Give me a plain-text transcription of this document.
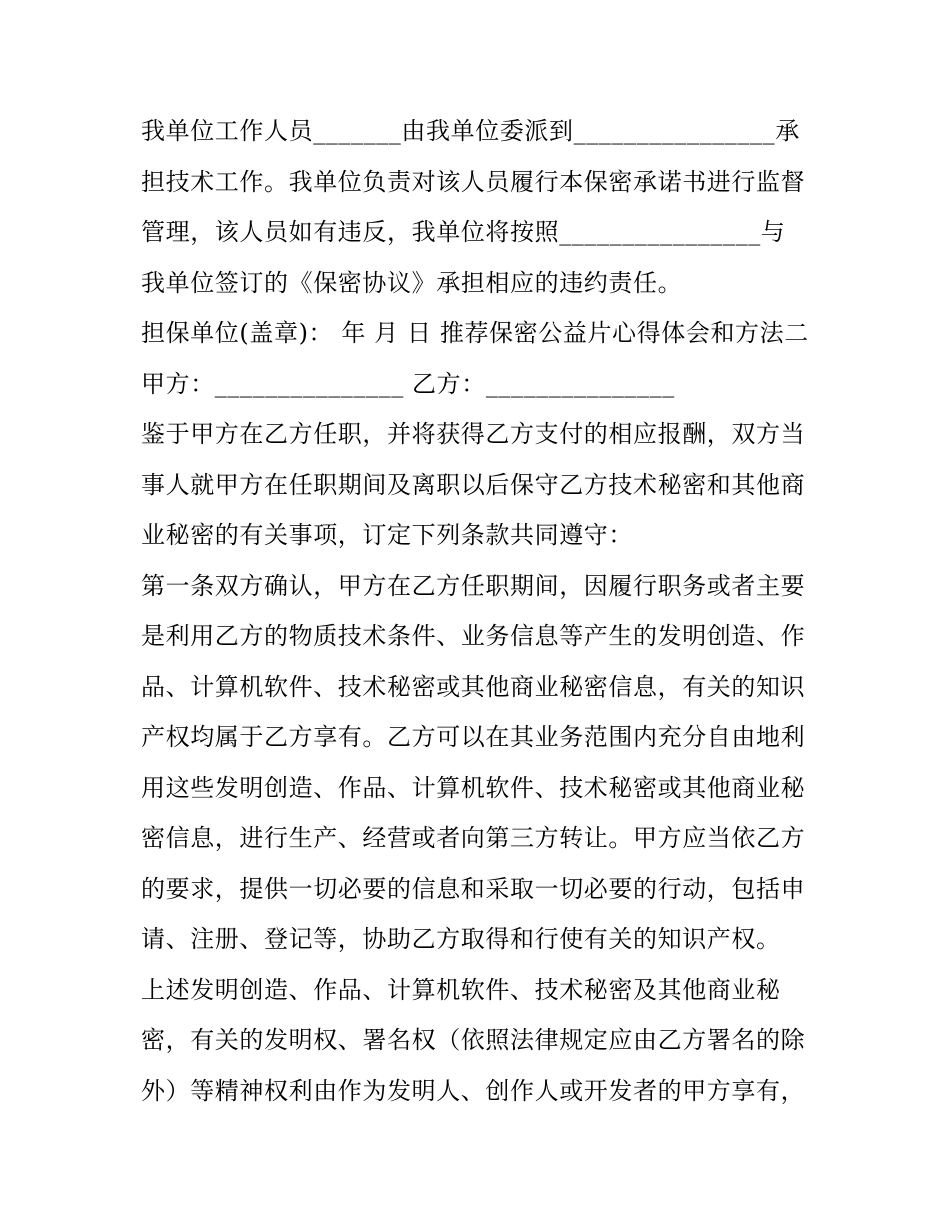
我单位工作人员_______由我单位委派到________________承
担技术工作。我单位负责对该人员履行本保密承诺书进行监督
管理，该人员如有违反，我单位将按照________________与
我单位签订的《保密协议》承担相应的违约责任。
担保单位(盖章)： 年 月 日 推荐保密公益片心得体会和方法二
甲方：_______________ 乙方：_______________
鉴于甲方在乙方任职，并将获得乙方支付的相应报酬，双方当
事人就甲方在任职期间及离职以后保守乙方技术秘密和其他商
业秘密的有关事项，订定下列条款共同遵守：
第一条双方确认，甲方在乙方任职期间，因履行职务或者主要
是利用乙方的物质技术条件、业务信息等产生的发明创造、作
品、计算机软件、技术秘密或其他商业秘密信息，有关的知识
产权均属于乙方享有。乙方可以在其业务范围内充分自由地利
用这些发明创造、作品、计算机软件、技术秘密或其他商业秘
密信息，进行生产、经营或者向第三方转让。甲方应当依乙方
的要求，提供一切必要的信息和采取一切必要的行动，包括申
请、注册、登记等，协助乙方取得和行使有关的知识产权。
上述发明创造、作品、计算机软件、技术秘密及其他商业秘
密，有关的发明权、署名权（依照法律规定应由乙方署名的除
外）等精神权利由作为发明人、创作人或开发者的甲方享有，
